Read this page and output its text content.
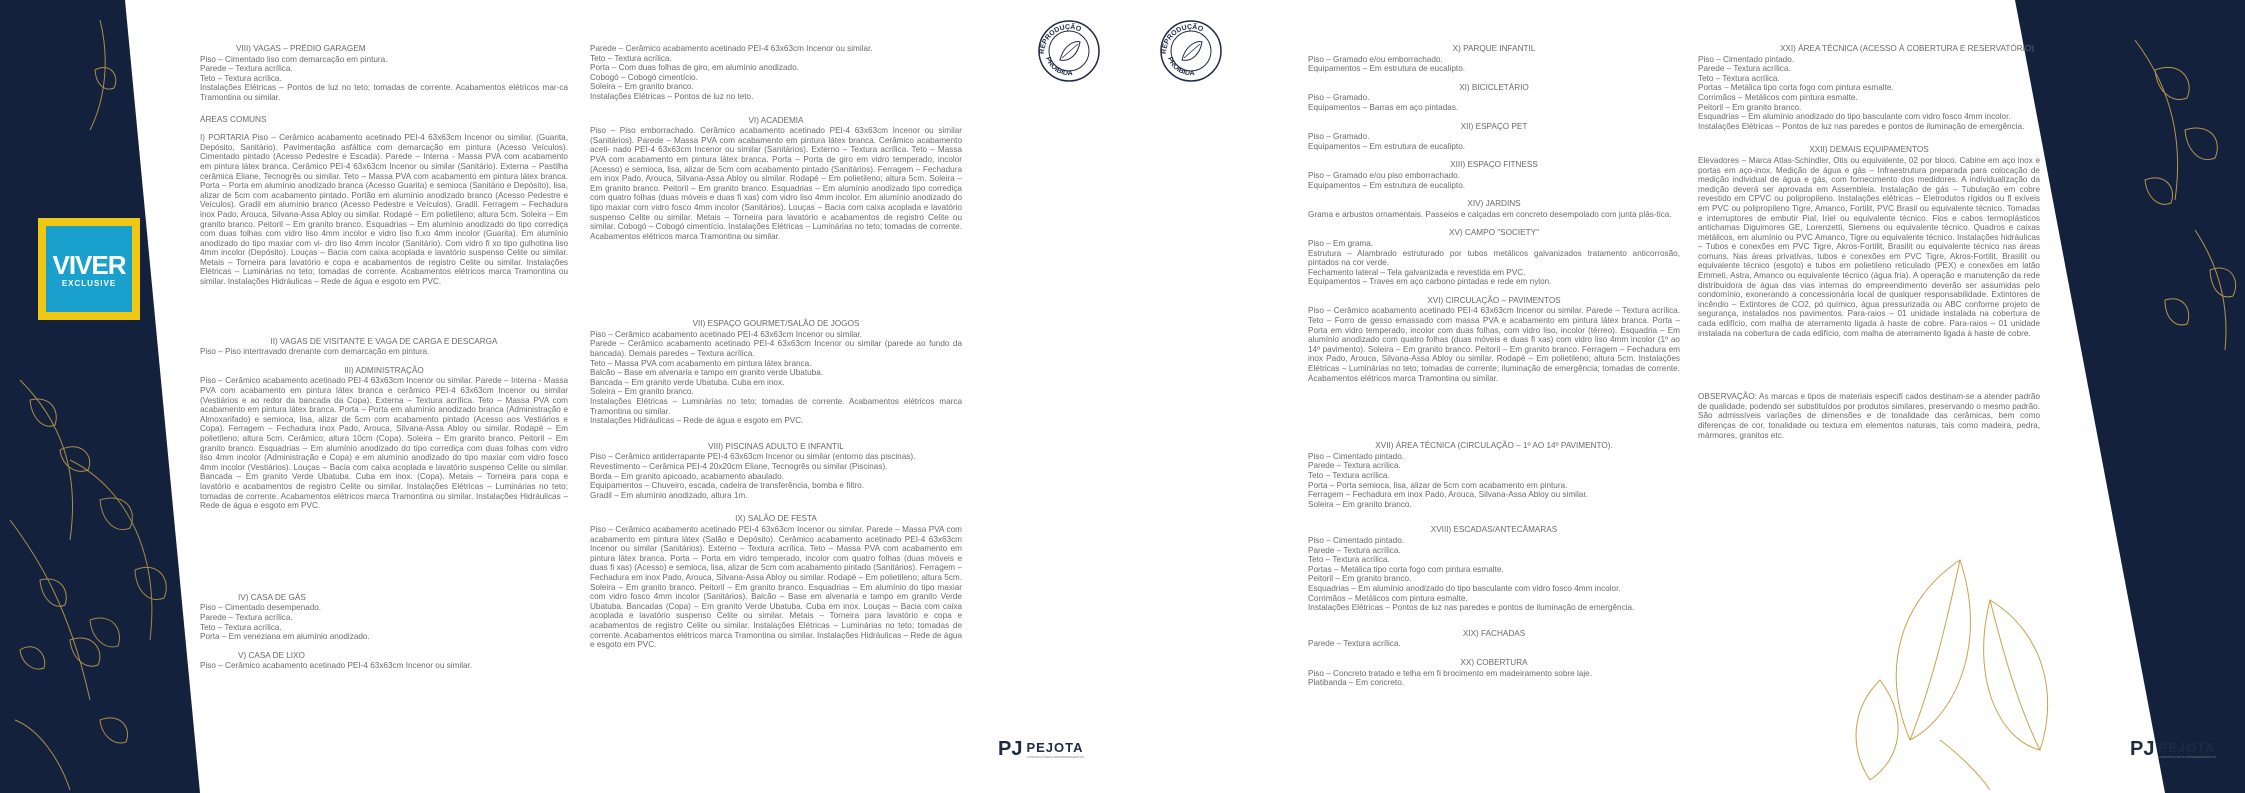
VIVER
EXCLUSIVE
REPRODUÇÃO
PROIBIDA
REPRODUÇÃO
PROIBIDA
PJ PEJOTA
CONSTRUÇÕES E EMPREENDIMENTOS	PJ PEJOTA
CONSTRUÇÕES E EMPREENDIMENTOS
VIII) VAGAS – PRÉDIO GARAGEM

Piso – Cimentado liso com demarcação em pintura.
Parede – Textura acrílica.
Teto – Textura acrílica.
Instalações Elétricas – Pontos de luz no teto; tomadas de corrente. Acabamentos elétricos mar-ca Tramontina ou similar.

ÁREAS COMUNS

I) PORTARIA Piso – Cerâmico acabamento acetinado PEI-4 63x63cm Incenor ou similar. (Guarita, Depósito, Sanitário). Pavimentação asfáltica com demarcação em pintura (Acesso Veículos). Cimentado pintado (Acesso Pedestre e Escada). Parede – Interna - Massa PVA com acabamento em pintura látex branca. Cerâmico PEI-4 63x63cm Incenor ou similar (Sanitário). Externa – Pastilha cerâmica Eliane, Tecnogrês ou similar. Teto – Massa PVA com acabamento em pintura látex branca. Porta – Porta em alumínio anodizado branca (Acesso Guarita) e semioca (Sanitário e Depósito), lisa, alizar de 5cm com acabamento pintado. Portão em alumínio anodizado branco (Acesso Pedestre e Veículos). Gradil em alumínio branco (Acesso Pedestre e Veículos). Gradil. Ferragem – Fechadura inox Pado, Arouca, Silvana-Assa Abloy ou similar. Rodapé – Em polietileno; altura 5cm. Soleira – Em granito branco. Peitoril – Em granito branco. Esquadrias – Em alumínio anodizado do tipo corrediça com duas folhas com vidro liso 4mm incolor e vidro liso fi.xo 4mm incolor (Guarita). Em alumínio anodizado do tipo maxiar com vi- dro liso 4mm incolor (Sanitário). Com vidro fi xo tipo gulhotina liso 4mm incolor (Depósito). Louças – Bacia com caixa acoplada e lavatório suspenso Celite ou similar. Metais – Torneira para lavatório e copa e acabamentos de registro Celite ou similar. Instalações Elétricas – Luminárias no teto; tomadas de corrente. Acabamentos elétricos marca Tramontina ou similar. Instalações Hidráulicas – Rede de água e esgoto em PVC.

II) VAGAS DE VISITANTE E VAGA DE CARGA E DESCARGA

Piso – Piso intertravado drenante com demarcação em pintura.

III) ADMINISTRAÇÃO

Piso – Cerâmico acabamento acetinado PEI-4 63x63cm Incenor ou similar. Parede – Interna - Massa PVA com acabamento em pintura látex branca e cerâmico PEI-4 63x63cm Incenor ou similar (Vestiários e ao redor da bancada da Copa). Externa – Textura acrílica. Teto – Massa PVA com acabamento em pintura látex branca. Porta – Porta em alumínio anodizado branca (Administração e Almoxarifado) e semioca, lisa, alizar de 5cm com acabamento pintado (Acesso aos Vestiários e Copa). Ferragem – Fechadura inox Pado, Arouca, Silvana-Assa Abloy ou similar. Rodapé – Em polietileno; altura 5cm. Cerâmico; altura 10cm (Copa). Soleira – Em granito branco. Peitoril – Em granito branco. Esquadrias – Em alumínio anodizado do tipo corrediça com duas folhas com vidro liso 4mm incolor (Administração e Copa) e em alumínio anodizado do tipo maxiar com vidro fosco 4mm incolor (Vestiários). Louças – Bacia com caixa acoplada e lavatório suspenso Celite ou similar. Bancada – Em granito Verde Ubatuba. Cuba em inox. (Copa). Metais – Torneira para copa e lavatório e acabamentos de registro Celite ou similar. Instalações Elétricas – Luminárias no teto; tomadas de corrente. Acabamentos elétricos marca Tramontina ou similar. Instalações Hidráulicas – Rede de água e esgoto em PVC.

IV) CASA DE GÁS

Piso – Cimentado desempenado.
Parede – Textura acrílica.
Teto – Textura acrílica.
Porta – Em veneziana em alumínio anodizado.

V) CASA DE LIXO

Piso – Cerâmico acabamento acetinado PEI-4 63x63cm Incenor ou similar.

Parede – Cerâmico acabamento acetinado PEI-4 63x63cm Incenor ou similar.
Teto – Textura acrílica.
Porta – Com duas folhas de giro, em alumínio anodizado.
Cobogó – Cobogó cimentício.
Soleira – Em granito branco.
Instalações Elétricas – Pontos de luz no teto.

VI) ACADEMIA

Piso – Piso emborrachado. Cerâmico acabamento acetinado PEI-4 63x63cm Incenor ou similar (Sanitários). Parede – Massa PVA com acabamento em pintura látex branca. Cerâmico acabamento aceti- nado PEI-4 63x63cm Incenor ou similar (Sanitários). Externo – Textura acrílica. Teto – Massa PVA com acabamento em pintura látex branca. Porta – Porta de giro em vidro temperado, incolor (Acesso) e semioca, lisa, alizar de 5cm com acabamento pintado (Sanitários). Ferragem – Fechadura em inox Pado, Arouca, Silvana-Assa Abloy ou similar. Rodapé – Em polietileno; altura 5cm. Soleira – Em granito branco. Peitoril – Em granito branco. Esquadrias – Em alumínio anodizado tipo corrediça com quatro folhas (duas móveis e duas fi xas) com vidro liso 4mm incolor. Em alumínio anodizado do tipo maxiar com vidro fosco 4mm incolor (Sanitários). Louças – Bacia com caixa acoplada e lavatório suspenso Celite ou similar. Metais – Torneira para lavatório e acabamentos de registro Celite ou similar. Cobogó – Cobogó cimentício. Instalações Elétricas – Luminárias no teto; tomadas de corrente. Acabamentos elétricos marca Tramontina ou similar.

VII) ESPAÇO GOURMET/SALÃO DE JOGOS

Piso – Cerâmico acabamento acetinado PEI-4 63x63cm Incenor ou similar.
Parede – Cerâmico acabamento acetinado PEI-4 63x63cm Incenor ou similar (parede ao fundo da bancada). Demais paredes – Textura acrílica.
Teto – Massa PVA com acabamento em pintura látex branca.
Balcão – Base em alvenaria e tampo em granito verde Ubatuba.
Bancada – Em granito verde Ubatuba. Cuba em inox.
Soleira – Em granito branco.
Instalações Elétricas – Luminárias no teto; tomadas de corrente. Acabamentos elétricos marca Tramontina ou similar.
Instalações Hidráulicas – Rede de água e esgoto em PVC.

VIII) PISCINAS ADULTO E INFANTIL

Piso – Cerâmico antiderrapante PEI-4 63x63cm Incenor ou similar (entorno das piscinas).
Revestimento – Cerâmica PEI-4 20x20cm Eliane, Tecnogrês ou similar (Piscinas).
Borda – Em granito apicoado, acabamento abaulado.
Equipamentos – Chuveiro, escada, cadeira de transferência, bomba e filtro.
Gradil – Em alumínio anodizado, altura 1m.

IX) SALÃO DE FESTA

Piso – Cerâmico acabamento acetinado PEI-4 63x63cm Incenor ou similar. Parede – Massa PVA com acabamento em pintura látex (Salão e Depósito). Cerâmico acabamento acetinado PEI-4 63x63cm Incenor ou similar (Sanitários). Externo – Textura acrílica. Teto – Massa PVA com acabamento em pintura látex branca. Porta – Porta em vidro temperado, incolor com quatro folhas (duas móveis e duas fi xas) (Acesso) e semioca, lisa, alizar de 5cm com acabamento pintado (Sanitários). Ferragem – Fechadura em inox Pado, Arouca, Silvana-Assa Abloy ou similar. Rodapé – Em polietileno; altura 5cm. Soleira – Em granito branco. Peitoril – Em granito branco. Esquadrias – Em alumínio do tipo maxiar com vidro fosco 4mm incolor (Sanitários). Balcão – Base em alvenaria e tampo em granito Verde Ubatuba. Bancadas (Copa) – Em granito Verde Ubatuba. Cuba em inox. Louças – Bacia com caixa acoplada e lavatório suspenso Celite ou similar. Metais – Torneira para lavatório e copa e acabamentos de registro Celite ou similar. Instalações Elétricas – Luminárias no teto; tomadas de corrente. Acabamentos elétricos marca Tramontina ou similar. Instalações Hidráulicas – Rede de água e esgoto em PVC.

X) PARQUE INFANTIL

Piso – Gramado e/ou emborrachado.
Equipamentos – Em estrutura de eucalipto.

XI) BICICLETÁRIO

Piso – Gramado.
Equipamentos – Barras em aço pintadas.

XII) ESPAÇO PET

Piso – Gramado.
Equipamentos – Em estrutura de eucalipto.

XIII) ESPAÇO FITNESS

Piso – Gramado e/ou piso emborrachado.
Equipamentos – Em estrutura de eucalipto.

XIV) JARDINS

Grama e arbustos ornamentais. Passeios e calçadas em concreto desempolado com junta plás-tica.

XV) CAMPO "SOCIETY"

Piso – Em grama.
Estrutura – Alambrado estruturado por tubos metálicos galvanizados tratamento anticorrosão, pintados na cor verde.
Fechamento lateral – Tela galvanizada e revestida em PVC.
Equipamentos – Traves em aço carbono pintadas e rede em nylon.

XVI) CIRCULAÇÃO – PAVIMENTOS

Piso – Cerâmico acabamento acetinado PEI-4 63x63cm Incenor ou similar. Parede – Textura acrílica. Teto – Forro de gesso emassado com massa PVA e acabamento em pintura látex branca. Porta – Porta em vidro temperado, incolor com duas folhas, com vidro liso, incolor (térreo). Esquadria – Em alumínio anodizado com quatro folhas (duas móveis e duas fi xas) com vidro liso 4mm incolor (1º ao 14º pavimento). Soleira – Em granito branco. Peitoril – Em granito branco. Ferragem – Fechadura em inox Pado, Arouca, Silvana-Assa Abloy ou similar. Rodapé – Em polietileno; altura 5cm. Instalações Elétricas – Luminárias no teto; tomadas de corrente; iluminação de emergência; tomadas de corrente. Acabamentos elétricos marca Tramontina ou similar.

XVII) ÁREA TÉCNICA (CIRCULAÇÃO – 1º AO 14º PAVIMENTO).

Piso – Cimentado pintado.
Parede – Textura acrílica.
Teto – Textura acrílica.
Porta – Porta semioca, lisa, alizar de 5cm com acabamento em pintura.
Ferragem – Fechadura em inox Pado, Arouca, Silvana-Assa Abloy ou similar.
Soleira – Em granito branco.

XVIII) ESCADAS/ANTECÂMARAS

Piso – Cimentado pintado.
Parede – Textura acrílica.
Teto – Textura acrílica.
Portas – Metálica tipo corta fogo com pintura esmalte.
Peitoril – Em granito branco.
Esquadrias – Em alumínio anodizado do tipo basculante com vidro fosco 4mm incolor.
Corrimãos – Metálicos com pintura esmalte.
Instalações Elétricas – Pontos de luz nas paredes e pontos de iluminação de emergência.

XIX) FACHADAS

Parede – Textura acrílica.

XX) COBERTURA

Piso – Concreto tratado e telha em fi brocimento em madeiramento sobre laje.
Platibanda – Em concreto.

XXI) ÁREA TÉCNICA (ACESSO À COBERTURA E RESERVATÓRIO)

Piso – Cimentado pintado.
Parede – Textura acrílica.
Teto – Textura acrílica.
Portas – Metálica tipo corta fogo com pintura esmalte.
Corrimãos – Metálicos com pintura esmalte.
Peitoril – Em granito branco.
Esquadrias – Em alumínio anodizado do tipo basculante com vidro fosco 4mm incolor.
Instalações Elétricas – Pontos de luz nas paredes e pontos de iluminação de emergência.

XXII) DEMAIS EQUIPAMENTOS

Elevadores – Marca Atlas-Schindler, Otis ou equivalente, 02 por bloco. Cabine em aço inox e portas em aço-inox. Medição de água e gás – Infraestrutura preparada para colocação de medição individual de água e gás, com fornecimento dos medidores. A individualização da medição deverá ser aprovada em Assembleia. Instalação de gás – Tubulação em cobre revestido em CPVC ou polipropileno. Instalações elétricas – Eletrodutos rígidos ou fl exíveis em PVC ou polipropileno Tigre, Amanco, Fortilit, PVC Brasil ou equivalente técnico. Tomadas e interruptores de embutir Pial, Iriel ou equivalente técnico. Fios e cabos termoplásticos antichamas Diguimores GE, Lorenzetti, Siemens ou equivalente técnico. Quadros e caixas metálicos, em alumínio ou PVC Amanco, Tigre ou equivalente técnico. Instalações hidráulicas – Tubos e conexões em PVC Tigre, Akros-Fortilit, Brasilit ou equivalente técnico nas áreas comuns. Nas áreas privativas, tubos e conexões em PVC Tigre, Akros-Fortilit, Brasilit ou equivalente técnico (esgoto) e tubos em polietileno reticulado (PEX) e conexões em latão Emmeti, Astra, Amanco ou equivalente técnico (água fria). A operação e manutenção da rede distribuidora de água das vias internas do empreendimento deverão ser assumidas pelo condomínio, exonerando a concessionária local de qualquer responsabilidade. Extintores de incêndio – Extintores de CO2, pó químico, água pressurizada ou ABC conforme projeto de segurança, instalados nos pavimentos. Para-raios – 01 unidade instalada na cobertura de cada edifício, com malha de aterramento ligada à haste de cobre. Para-raios – 01 unidade instalada na cobertura de cada edifício, com malha de aterramento ligada à haste de cobre.

OBSERVAÇÃO: As marcas e tipos de materiais especifi cados destinam-se a atender padrão de qualidade, podendo ser substituídos por produtos similares, preservando o mesmo padrão. São admissíveis variações de dimensões e de tonalidade das cerâmicas, bem como diferenças de cor, tonalidade ou textura em elementos naturais, tais como madeira, pedra, mármores, granitos etc.
